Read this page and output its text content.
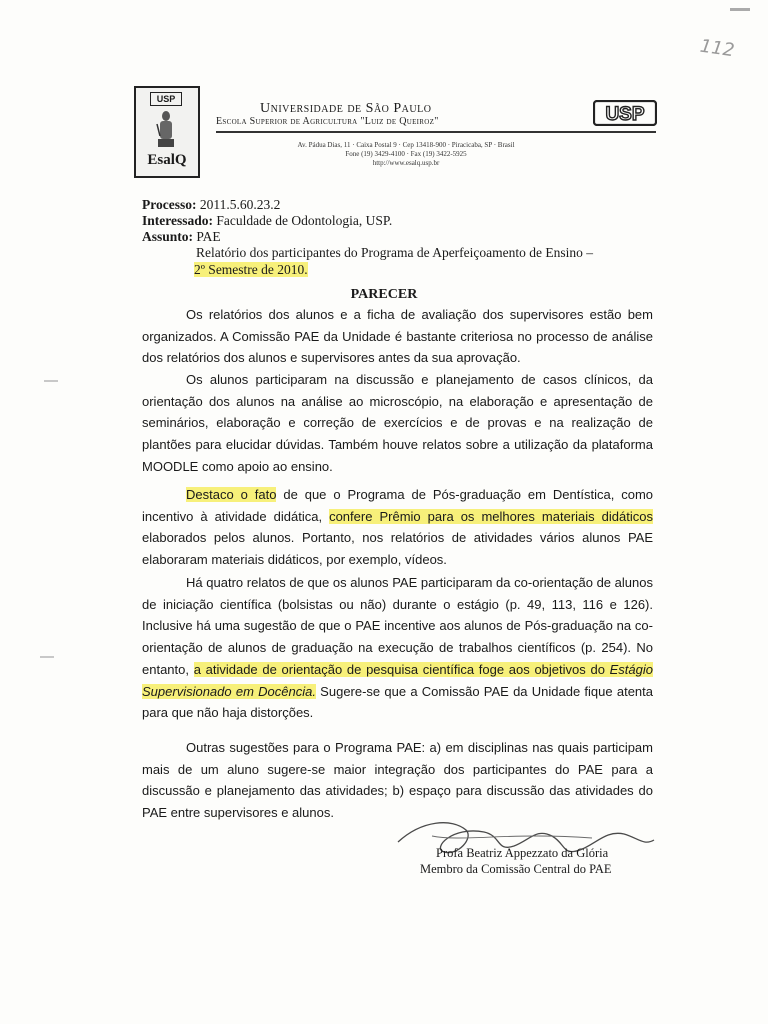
112
USP
EsalQ
Universidade de São Paulo
Escola Superior de Agricultura "Luiz de Queiroz"	USP
Av. Pádua Dias, 11 · Caixa Postal 9 · Cep 13418-900 · Piracicaba, SP · Brasil
Fone (19) 3429-4100 · Fax (19) 3422-5925
http://www.esalq.usp.br
Processo: 2011.5.60.23.2
Interessado: Faculdade de Odontologia, USP.
Assunto: PAE
Relatório dos participantes do Programa de Aperfeiçoamento de Ensino –
2º Semestre de 2010.
PARECER
Os relatórios dos alunos e a ficha de avaliação dos supervisores estão bem organizados. A Comissão PAE da Unidade é bastante criteriosa no processo de análise dos relatórios dos alunos e supervisores antes da sua aprovação.
Os alunos participaram na discussão e planejamento de casos clínicos, da orientação dos alunos na análise ao microscópio, na elaboração e apresentação de seminários, elaboração e correção de exercícios e de provas e na realização de plantões para elucidar dúvidas. Também houve relatos sobre a utilização da plataforma MOODLE como apoio ao ensino.
Destaco o fato de que o Programa de Pós-graduação em Dentística, como incentivo à atividade didática, confere Prêmio para os melhores materiais didáticos elaborados pelos alunos. Portanto, nos relatórios de atividades vários alunos PAE elaboraram materiais didáticos, por exemplo, vídeos.
Há quatro relatos de que os alunos PAE participaram da co-orientação de alunos de iniciação científica (bolsistas ou não) durante o estágio (p. 49, 113, 116 e 126). Inclusive há uma sugestão de que o PAE incentive aos alunos de Pós-graduação na co-orientação de alunos de graduação na execução de trabalhos científicos (p. 254). No entanto, a atividade de orientação de pesquisa científica foge aos objetivos do Estágio Supervisionado em Docência. Sugere-se que a Comissão PAE da Unidade fique atenta para que não haja distorções.
Outras sugestões para o Programa PAE: a) em disciplinas nas quais participam mais de um aluno sugere-se maior integração dos participantes do PAE para a discussão e planejamento das atividades; b) espaço para discussão das atividades do PAE entre supervisores e alunos.
Profa Beatriz Appezzato da Glória
Membro da Comissão Central do PAE
